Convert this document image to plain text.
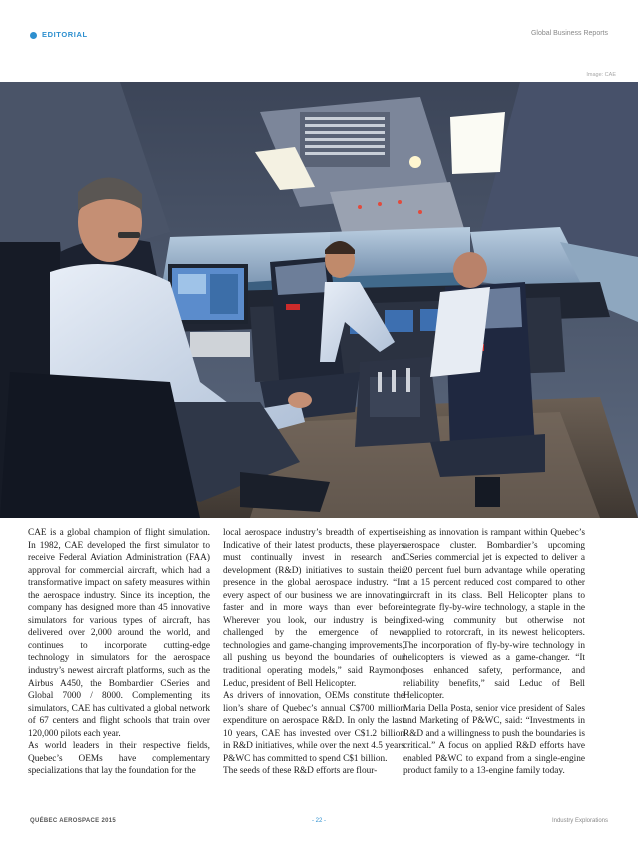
EDITORIAL	Global Business Reports
Image: CAE

CAE is a global champion of flight simulation. In 1982, CAE developed the first simulator to receive Federal Aviation Administration (FAA) approval for commercial aircraft, which had a transformative impact on safety measures within the aerospace industry. Since its inception, the company has designed more than 45 innovative simulators for various types of aircraft, has delivered over 2,000 around the world, and continues to incorporate cutting-edge technology in simulators for the aerospace industry’s newest aircraft platforms, such as the Airbus A450, the Bombardier CSeries and Global 7000 / 8000. Complementing its simulators, CAE has cultivated a global network of 67 centers and flight schools that train over 120,000 pilots each year.

As world leaders in their respective fields, Quebec’s OEMs have complementary specializations that lay the foundation for the

local aerospace industry’s breadth of expertise. Indicative of their latest products, these players must continually invest in research and development (R&D) initiatives to sustain their presence in the global aerospace industry. “In every aspect of our business we are innovating faster and in more ways than ever before. Wherever you look, our industry is being challenged by the emergence of new technologies and game-changing improvements, all pushing us beyond the boundaries of our traditional operating models,” said Raymond Leduc, president of Bell Helicopter.

As drivers of innovation, OEMs constitute the lion’s share of Quebec’s annual C$700 million expenditure on aerospace R&D. In only the last 10 years, CAE has invested over C$1.2 billion in R&D initiatives, while over the next 4.5 years P&WC has committed to spend C$1 billion.

The seeds of these R&D efforts are flour-

ishing as innovation is rampant within Quebec’s aerospace cluster. Bombardier’s upcoming CSeries commercial jet is expected to deliver a 20 percent fuel burn advantage while operating at a 15 percent reduced cost compared to other aircraft in its class. Bell Helicopter plans to integrate fly-by-wire technology, a staple in the fixed-wing community but otherwise not applied to rotorcraft, in its newest helicopters. The incorporation of fly-by-wire technology in helicopters is viewed as a game-changer. “It poses enhanced safety, performance, and reliability benefits,” said Leduc of Bell Helicopter.

Maria Della Posta, senior vice president of Sales and Marketing of P&WC, said: “Investments in R&D and a willingness to push the boundaries is critical.” A focus on applied R&D efforts have enabled P&WC to expand from a single-engine product family to a 13-engine family today.

QUÉBEC AEROSPACE 2015	- 22 -	Industry Explorations
